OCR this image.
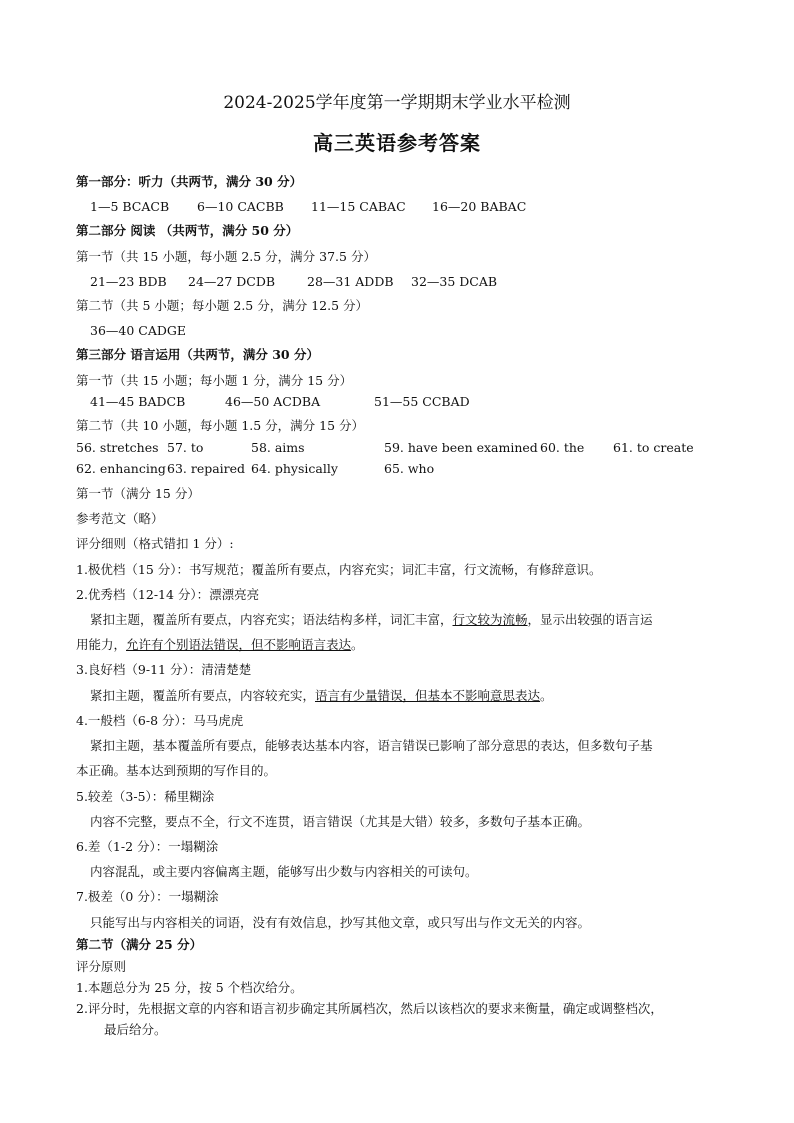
2024-2025学年度第一学期期末学业水平检测
高三英语参考答案
第一部分：听力（共两节，满分 30 分）
1—5 BCACB 6—10 CACBB 11—15 CABAC 16—20 BABAC
第二部分 阅读 （共两节，满分 50 分）
第一节（共 15 小题，每小题 2.5 分，满分 37.5 分）
21—23 BDB 24—27 DCDB	28—31 ADDB 32—35 DCAB
第二节（共 5 小题；每小题 2.5 分，满分 12.5 分）
36—40 CADGE
第三部分 语言运用（共两节，满分 30 分）
第一节（共 15 小题；每小题 1 分，满分 15 分）
41—45 BADCB	46—50 ACDBA	51—55 CCBAD
第二节（共 10 小题，每小题 1.5 分，满分 15 分）
56. stretches 57. to	58. aims	59. have been examined 60. the 61. to create
62. enhancing 63. repaired 64. physically	65. who
第一节（满分 15 分）
参考范文（略）
评分细则（格式错扣 1 分）:
1.极优档（15 分）：书写规范；覆盖所有要点，内容充实；词汇丰富，行文流畅，有修辞意识。
2.优秀档（12-14 分）：漂漂亮亮
紧扣主题，覆盖所有要点，内容充实；语法结构多样，词汇丰富，行文较为流畅，显示出较强的语言运
用能力，允许有个别语法错误，但不影响语言表达。
3.良好档（9-11 分）：清清楚楚
紧扣主题，覆盖所有要点，内容较充实，语言有少量错误，但基本不影响意思表达。
4.一般档（6-8 分）：马马虎虎
紧扣主题，基本覆盖所有要点，能够表达基本内容，语言错误已影响了部分意思的表达，但多数句子基
本正确。基本达到预期的写作目的。
5.较差（3-5）：稀里糊涂
内容不完整，要点不全，行文不连贯，语言错误（尤其是大错）较多，多数句子基本正确。
6.差（1-2 分）：一塌糊涂
内容混乱，或主要内容偏离主题，能够写出少数与内容相关的可读句。
7.极差（0 分）：一塌糊涂
只能写出与内容相关的词语，没有有效信息，抄写其他文章，或只写出与作文无关的内容。
第二节（满分 25 分）
评分原则
1.本题总分为 25 分，按 5 个档次给分。
2.评分时，先根据文章的内容和语言初步确定其所属档次，然后以该档次的要求来衡量，确定或调整档次，
最后给分。
